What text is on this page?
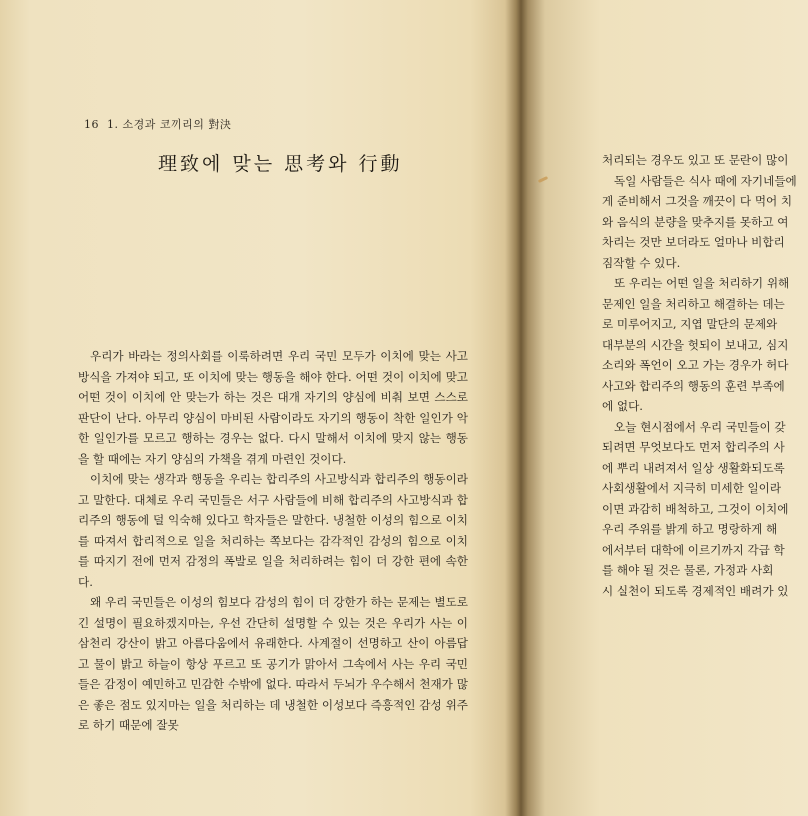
16 1. 소경과 코끼리의 對決
理致에 맞는 思考와 行動

우리가 바라는 정의사회를 이룩하려면 우리 국민 모두가 이치에 맞는 사고방식을 가져야 되고, 또 이치에 맞는 행동을 해야 한다. 어떤 것이 이치에 맞고 어떤 것이 이치에 안 맞는가 하는 것은 대개 자기의 양심에 비춰 보면 스스로 판단이 난다. 아무리 양심이 마비된 사람이라도 자기의 행동이 착한 일인가 악한 일인가를 모르고 행하는 경우는 없다. 다시 말해서 이치에 맞지 않는 행동을 할 때에는 자기 양심의 가책을 겪게 마련인 것이다.

이치에 맞는 생각과 행동을 우리는 합리주의 사고방식과 합리주의 행동이라고 말한다. 대체로 우리 국민들은 서구 사람들에 비해 합리주의 사고방식과 합리주의 행동에 덜 익숙해 있다고 학자들은 말한다. 냉철한 이성의 힘으로 이치를 따져서 합리적으로 일을 처리하는 쪽보다는 감각적인 감성의 힘으로 이치를 따지기 전에 먼저 감정의 폭발로 일을 처리하려는 힘이 더 강한 편에 속한다.

왜 우리 국민들은 이성의 힘보다 감성의 힘이 더 강한가 하는 문제는 별도로 긴 설명이 필요하겠지마는, 우선 간단히 설명할 수 있는 것은 우리가 사는 이 삼천리 강산이 밝고 아름다움에서 유래한다. 사계절이 선명하고 산이 아름답고 물이 밝고 하늘이 항상 푸르고 또 공기가 맑아서 그속에서 사는 우리 국민들은 감정이 예민하고 민감한 수밖에 없다. 따라서 두뇌가 우수해서 천재가 많은 좋은 점도 있지마는 일을 처리하는 데 냉철한 이성보다 즉흥적인 감성 위주로 하기 때문에 잘못

처리되는 경우도 있고 또 문란이 많이
독일 사람들은 식사 때에 자기네들에
게 준비해서 그것을 깨끗이 다 먹어 치
와 음식의 분량을 맞추지를 못하고 여
차리는 것만 보더라도 얼마나 비합리
짐작할 수 있다.
또 우리는 어떤 일을 처리하기 위해
문제인 일을 처리하고 해결하는 데는
로 미루어지고, 지엽 말단의 문제와
대부분의 시간을 헛되이 보내고, 심지
소리와 폭언이 오고 가는 경우가 허다
사고와 합리주의 행동의 훈련 부족에
에 없다.
오늘 현시점에서 우리 국민들이 갖
되려면 무엇보다도 먼저 합리주의 사
에 뿌리 내려져서 일상 생활화되도록
사회생활에서 지극히 미세한 일이라
이면 과감히 배척하고, 그것이 이치에
우리 주위를 밝게 하고 명랑하게 해
에서부터 대학에 이르기까지 각급 학
를 해야 될 것은 물론, 가정과 사회
시 실천이 되도록 경제적인 배려가 있
